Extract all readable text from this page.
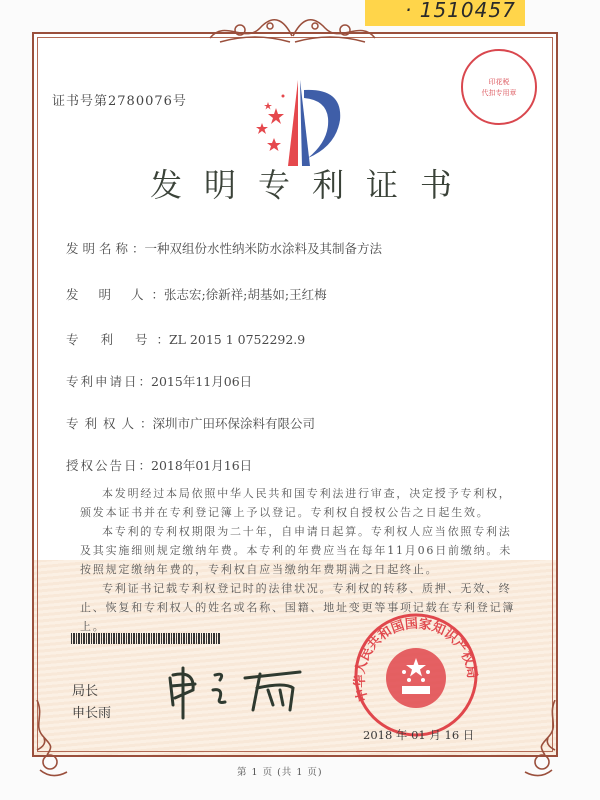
· 1510457
证书号第2780076号
印花税
代扣专用章
发明专利证书
发明名称：一种双组份水性纳米防水涂料及其制备方法
发 明 人：张志宏;徐新祥;胡基如;王红梅
专 利 号：ZL 2015 1 0752292.9
专利申请日：2015年11月06日
专利权人：深圳市广田环保涂料有限公司
授权公告日：2018年01月16日

本发明经过本局依照中华人民共和国专利法进行审查，决定授予专利权，颁发本证书并在专利登记簿上予以登记。专利权自授权公告之日起生效。

本专利的专利权期限为二十年，自申请日起算。专利权人应当依照专利法及其实施细则规定缴纳年费。本专利的年费应当在每年11月06日前缴纳。未按照规定缴纳年费的，专利权自应当缴纳年费期满之日起终止。

专利证书记载专利权登记时的法律状况。专利权的转移、质押、无效、终止、恢复和专利权人的姓名或名称、国籍、地址变更等事项记载在专利登记簿上。

局长
申长雨
中华人民共和国国家知识产权局
2018 年 01 月 16 日
第 1 页 (共 1 页)
